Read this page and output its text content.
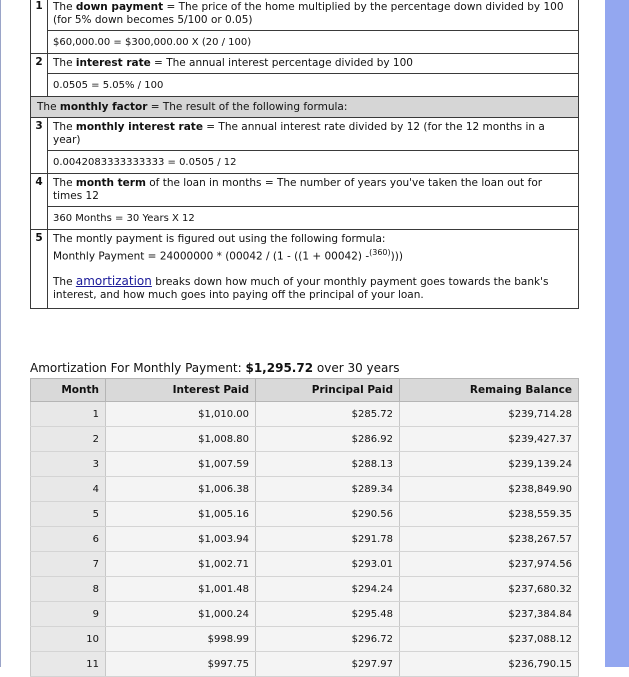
1	The down payment = The price of the home multiplied by the percentage down divided by 100 (for 5% down becomes 5/100 or 0.05)
	$60,000.00 = $300,000.00 X (20 / 100)
2	The interest rate = The annual interest percentage divided by 100
	0.0505 = 5.05% / 100
The monthly factor = The result of the following formula:	
3	The monthly interest rate = The annual interest rate divided by 12 (for the 12 months in a year)
	0.0042083333333333 = 0.0505 / 12
4	The month term of the loan in months = The number of years you've taken the loan out for times 12
	360 Months = 30 Years X 12
5	The montly payment is figured out using the following formula:
Monthly Payment = 24000000 * (00042 / (1 - ((1 + 00042) -$^{(360)}$)))
The amortization breaks down how much of your monthly payment goes towards the bank's interest, and how much goes into paying off the principal of your loan.
Amortization For Monthly Payment: $1,295.72 over 30 years
Month	Interest Paid	Principal Paid	Remaing Balance
1	$1,010.00	$285.72	$239,714.28
2	$1,008.80	$286.92	$239,427.37
3	$1,007.59	$288.13	$239,139.24
4	$1,006.38	$289.34	$238,849.90
5	$1,005.16	$290.56	$238,559.35
6	$1,003.94	$291.78	$238,267.57
7	$1,002.71	$293.01	$237,974.56
8	$1,001.48	$294.24	$237,680.32
9	$1,000.24	$295.48	$237,384.84
10	$998.99	$296.72	$237,088.12
11	$997.75	$297.97	$236,790.15
